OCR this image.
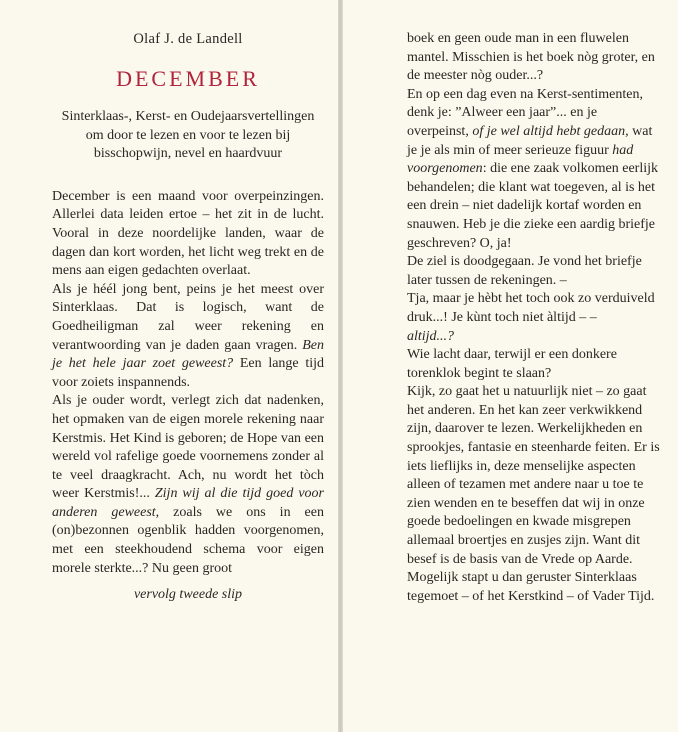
Olaf J. de Landell
DECEMBER
Sinterklaas-, Kerst- en Oudejaarsvertellingen om door te lezen en voor te lezen bij bisschopwijn, nevel en haardvuur

December is een maand voor overpeinzingen. Allerlei data leiden ertoe – het zit in de lucht. Vooral in deze noordelijke landen, waar de dagen dan kort worden, het licht weg trekt en de mens aan eigen gedachten overlaat.

Als je héél jong bent, peins je het meest over Sinterklaas. Dat is logisch, want de Goedheiligman zal weer rekening en verantwoording van je daden gaan vragen. Ben je het hele jaar zoet geweest? Een lange tijd voor zoiets inspannends.

Als je ouder wordt, verlegt zich dat nadenken, het opmaken van de eigen morele rekening naar Kerstmis. Het Kind is geboren; de Hope van een wereld vol rafelige goede voornemens zonder al te veel draagkracht. Ach, nu wordt het tòch weer Kerstmis!... Zijn wij al die tijd goed voor anderen geweest, zoals we ons in een (on)bezonnen ogenblik hadden voorgenomen, met een steekhoudend schema voor eigen morele sterkte...? Nu geen groot

vervolg tweede slip

boek en geen oude man in een fluwelen mantel. Misschien is het boek nòg groter, en de meester nòg ouder...?

En op een dag even na Kerst-sentimenten, denk je: ”Alweer een jaar”... en je overpeinst, of je wel altijd hebt gedaan, wat je je als min of meer serieuze figuur had voorgenomen: die ene zaak volkomen eerlijk behandelen; die klant wat toegeven, al is het een drein – niet dadelijk kortaf worden en snauwen. Heb je die zieke een aardig briefje geschreven? O, ja!

De ziel is doodgegaan. Je vond het briefje later tussen de rekeningen. –

Tja, maar je hèbt het toch ook zo verduiveld druk...! Je kùnt toch niet àltijd – –

altijd...?

Wie lacht daar, terwijl er een donkere torenklok begint te slaan?

Kijk, zo gaat het u natuurlijk niet – zo gaat het anderen. En het kan zeer verkwikkend zijn, daarover te lezen. Werkelijkheden en sprookjes, fantasie en steenharde feiten. Er is iets lieflijks in, deze menselijke aspecten alleen of tezamen met andere naar u toe te zien wenden en te beseffen dat wij in onze goede bedoelingen en kwade misgrepen allemaal broertjes en zusjes zijn. Want dit besef is de basis van de Vrede op Aarde.

Mogelijk stapt u dan geruster Sinterklaas tegemoet – of het Kerstkind – of Vader Tijd.
